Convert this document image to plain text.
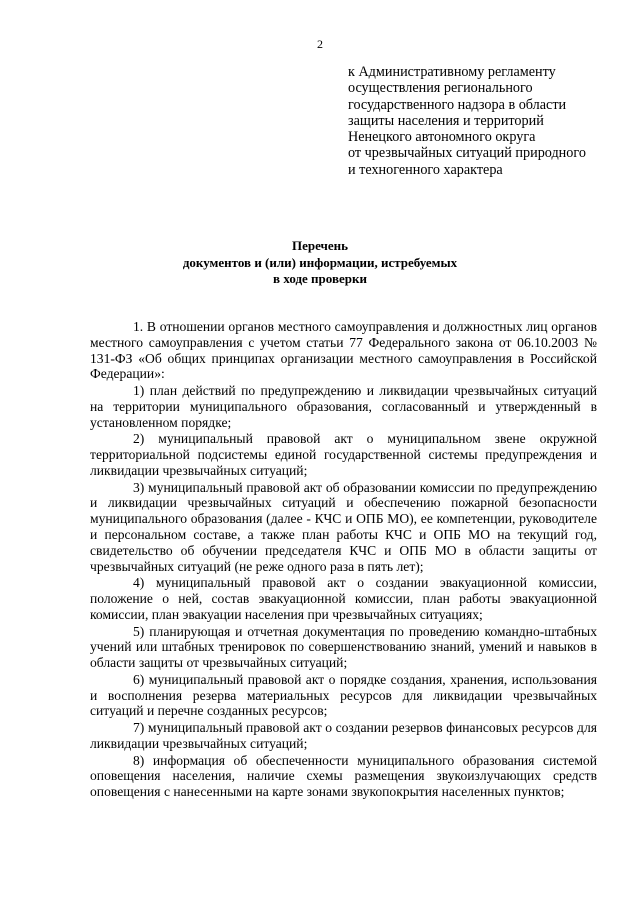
2
к Административному регламенту
осуществления регионального
государственного надзора в области
защиты населения и территорий
Ненецкого автономного округа
от чрезвычайных ситуаций природного
и техногенного характера
Перечень
документов и (или) информации, истребуемых
в ходе проверки

1. В отношении органов местного самоуправления и должностных лиц органов местного самоуправления с учетом статьи 77 Федерального закона от 06.10.2003 № 131-ФЗ «Об общих принципах организации местного самоуправления в Российской Федерации»:

1) план действий по предупреждению и ликвидации чрезвычайных ситуаций на территории муниципального образования, согласованный и утвержденный в установленном порядке;

2) муниципальный правовой акт о муниципальном звене окружной территориальной подсистемы единой государственной системы предупреждения и ликвидации чрезвычайных ситуаций;

3) муниципальный правовой акт об образовании комиссии по предупреждению и ликвидации чрезвычайных ситуаций и обеспечению пожарной безопасности муниципального образования (далее - КЧС и ОПБ МО), ее компетенции, руководителе и персональном составе, а также план работы КЧС и ОПБ МО на текущий год, свидетельство об обучении председателя КЧС и ОПБ МО в области защиты от чрезвычайных ситуаций (не реже одного раза в пять лет);

4) муниципальный правовой акт о создании эвакуационной комиссии, положение о ней, состав эвакуационной комиссии, план работы эвакуационной комиссии, план эвакуации населения при чрезвычайных ситуациях;

5) планирующая и отчетная документация по проведению командно-штабных учений или штабных тренировок по совершенствованию знаний, умений и навыков в области защиты от чрезвычайных ситуаций;

6) муниципальный правовой акт о порядке создания, хранения, использования и восполнения резерва материальных ресурсов для ликвидации чрезвычайных ситуаций и перечне созданных ресурсов;

7) муниципальный правовой акт о создании резервов финансовых ресурсов для ликвидации чрезвычайных ситуаций;

8) информация об обеспеченности муниципального образования системой оповещения населения, наличие схемы размещения звукоизлучающих средств оповещения с нанесенными на карте зонами звукопокрытия населенных пунктов;
